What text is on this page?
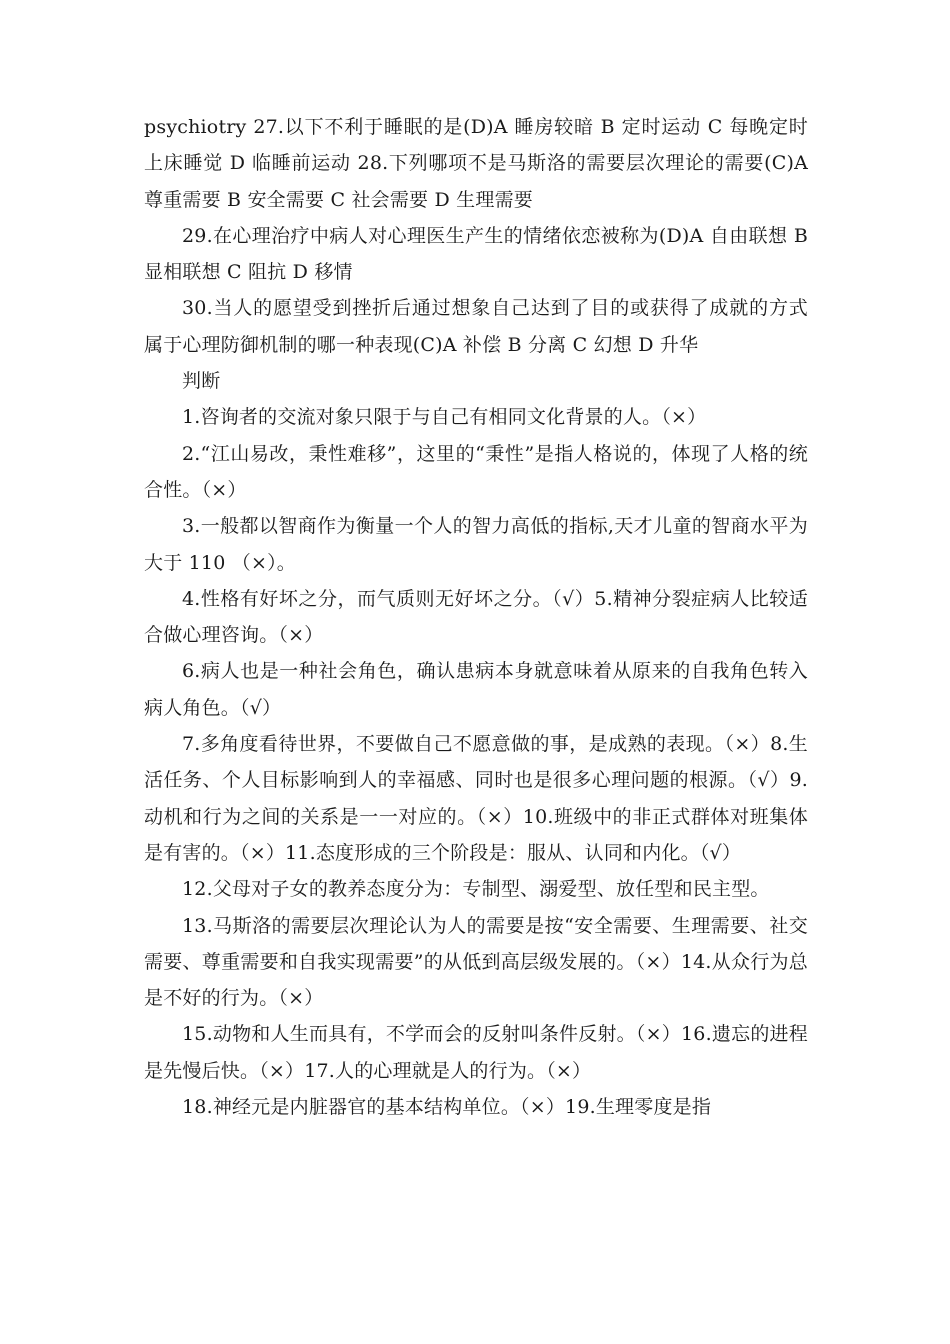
psychiotry 27.以下不利于睡眠的是(D)A 睡房较暗 B 定时运动 C 每晚定时上床睡觉 D 临睡前运动 28.下列哪项不是马斯洛的需要层次理论的需要(C)A 尊重需要 B 安全需要 C 社会需要 D 生理需要

29.在心理治疗中病人对心理医生产生的情绪依恋被称为(D)A 自由联想 B 显相联想 C 阻抗 D 移情

30.当人的愿望受到挫折后通过想象自己达到了目的或获得了成就的方式属于心理防御机制的哪一种表现(C)A 补偿 B 分离 C 幻想 D 升华

判断

1.咨询者的交流对象只限于与自己有相同文化背景的人。（×）

2.“江山易改，秉性难移”，这里的“秉性”是指人格说的，体现了人格的统合性。（×）

3.一般都以智商作为衡量一个人的智力高低的指标,天才儿童的智商水平为大于 110 （×）。

4.性格有好坏之分，而气质则无好坏之分。（√）5.精神分裂症病人比较适合做心理咨询。（×）

6.病人也是一种社会角色，确认患病本身就意味着从原来的自我角色转入病人角色。（√）

7.多角度看待世界，不要做自己不愿意做的事，是成熟的表现。（×）8.生活任务、个人目标影响到人的幸福感、同时也是很多心理问题的根源。（√）9.动机和行为之间的关系是一一对应的。（×）10.班级中的非正式群体对班集体是有害的。（×）11.态度形成的三个阶段是：服从、认同和内化。（√）

12.父母对子女的教养态度分为：专制型、溺爱型、放任型和民主型。

13.马斯洛的需要层次理论认为人的需要是按“安全需要、生理需要、社交需要、尊重需要和自我实现需要”的从低到高层级发展的。（×）14.从众行为总是不好的行为。（×）

15.动物和人生而具有，不学而会的反射叫条件反射。（×）16.遗忘的进程是先慢后快。（×）17.人的心理就是人的行为。（×）

18.神经元是内脏器官的基本结构单位。（×）19.生理零度是指
